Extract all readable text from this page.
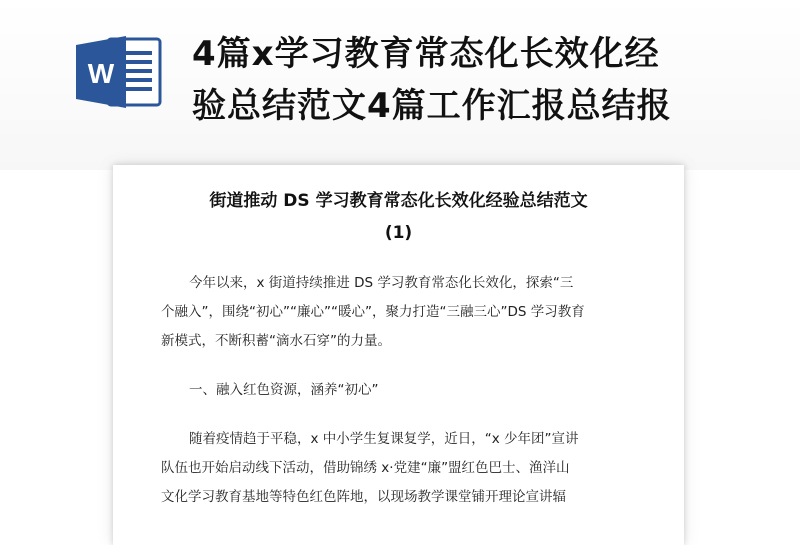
W 4篇x学习教育常态化长效化经
验总结范文4篇工作汇报总结报
街道推动 DS 学习教育常态化长效化经验总结范文
(1)
今年以来，x 街道持续推进 DS 学习教育常态化长效化，探索“三
个融入”，围绕“初心”“廉心”“暖心”，聚力打造“三融三心”DS 学习教育
新模式，不断积蓄“滴水石穿”的力量。
一、融入红色资源，涵养“初心”
随着疫情趋于平稳，x 中小学生复课复学，近日，“x 少年团”宣讲
队伍也开始启动线下活动，借助锦绣 x·党建“廉”盟红色巴士、渔洋山
文化学习教育基地等特色红色阵地，以现场教学课堂铺开理论宣讲辐
